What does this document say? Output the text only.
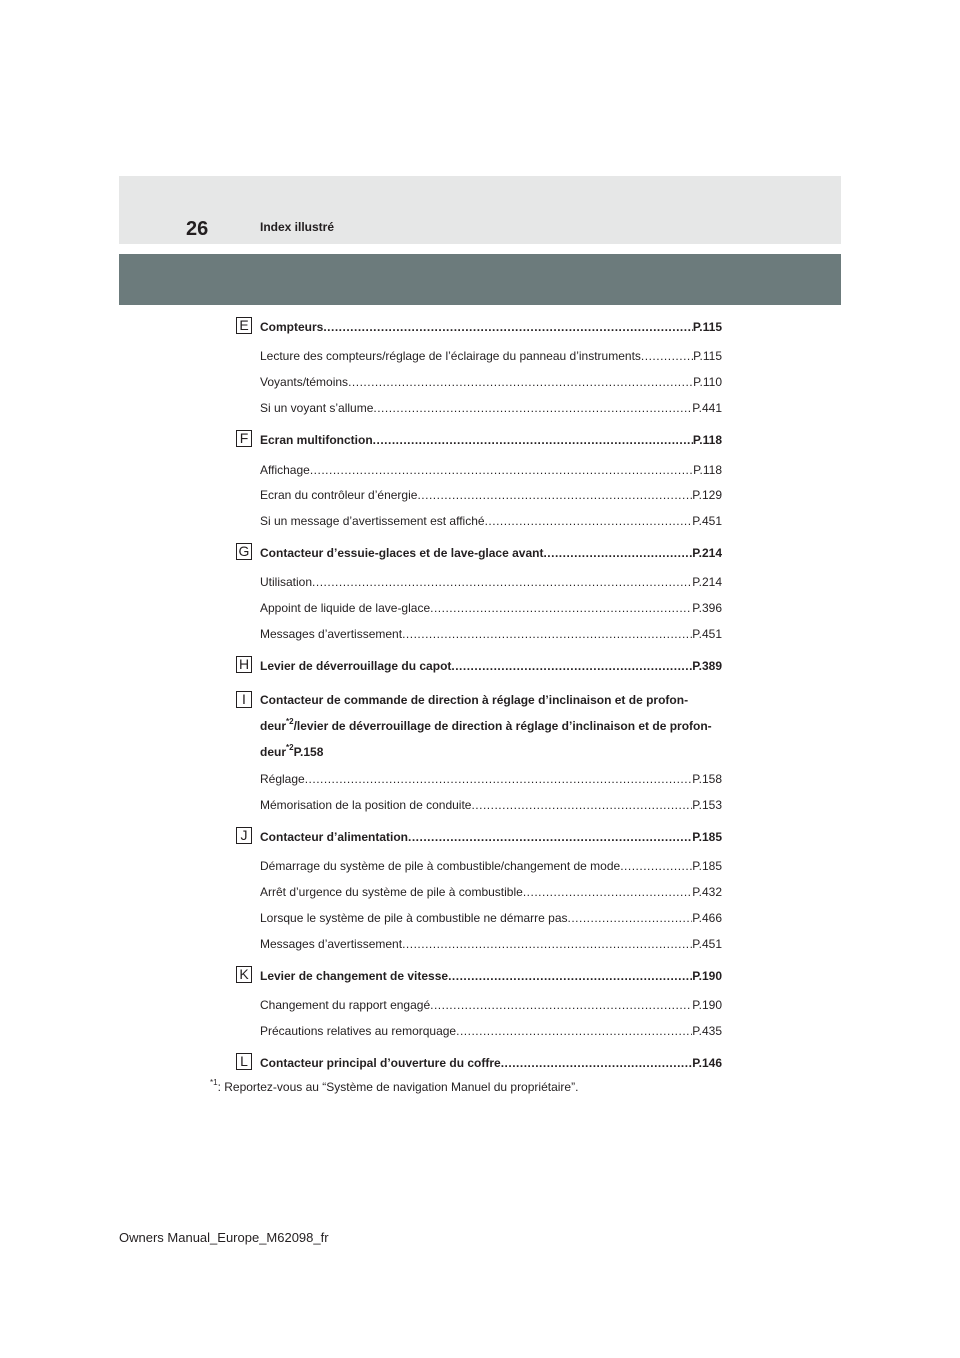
26	Index illustré
E Compteurs .....	P.115
Lecture des compteurs/réglage de l’éclairage du panneau d’instruments .....	P.115
Voyants/témoins .....	P.110
Si un voyant s’allume .....	P.441
F Ecran multifonction .....	P.118
Affichage .....	P.118
Ecran du contrôleur d’énergie .....	P.129
Si un message d’avertissement est affiché .....	P.451
G Contacteur d’essuie-glaces et de lave-glace avant .....	P.214
Utilisation .....	P.214
Appoint de liquide de lave-glace .....	P.396
Messages d’avertissement .....	P.451
H Levier de déverrouillage du capot .....	P.389
I	Contacteur de commande de direction à réglage d’inclinaison et de profon-
deur$^{*2}$/levier de déverrouillage de direction à réglage d’inclinaison et de profon-
deur$^{*2}$P.158
Réglage .....	P.158
Mémorisation de la position de conduite .....	P.153
J	Contacteur d’alimentation .....	P.185
Démarrage du système de pile à combustible/changement de mode .....	P.185
Arrêt d’urgence du système de pile à combustible .....	P.432
Lorsque le système de pile à combustible ne démarre pas .....	P.466
Messages d’avertissement .....	P.451
K Levier de changement de vitesse .....	P.190
Changement du rapport engagé .....	P.190
Précautions relatives au remorquage .....	P.435
L	Contacteur principal d’ouverture du coffre .....	P.146
$^{*1}$: Reportez-vous au “Système de navigation Manuel du propriétaire”.
Owners Manual_Europe_M62098_fr
